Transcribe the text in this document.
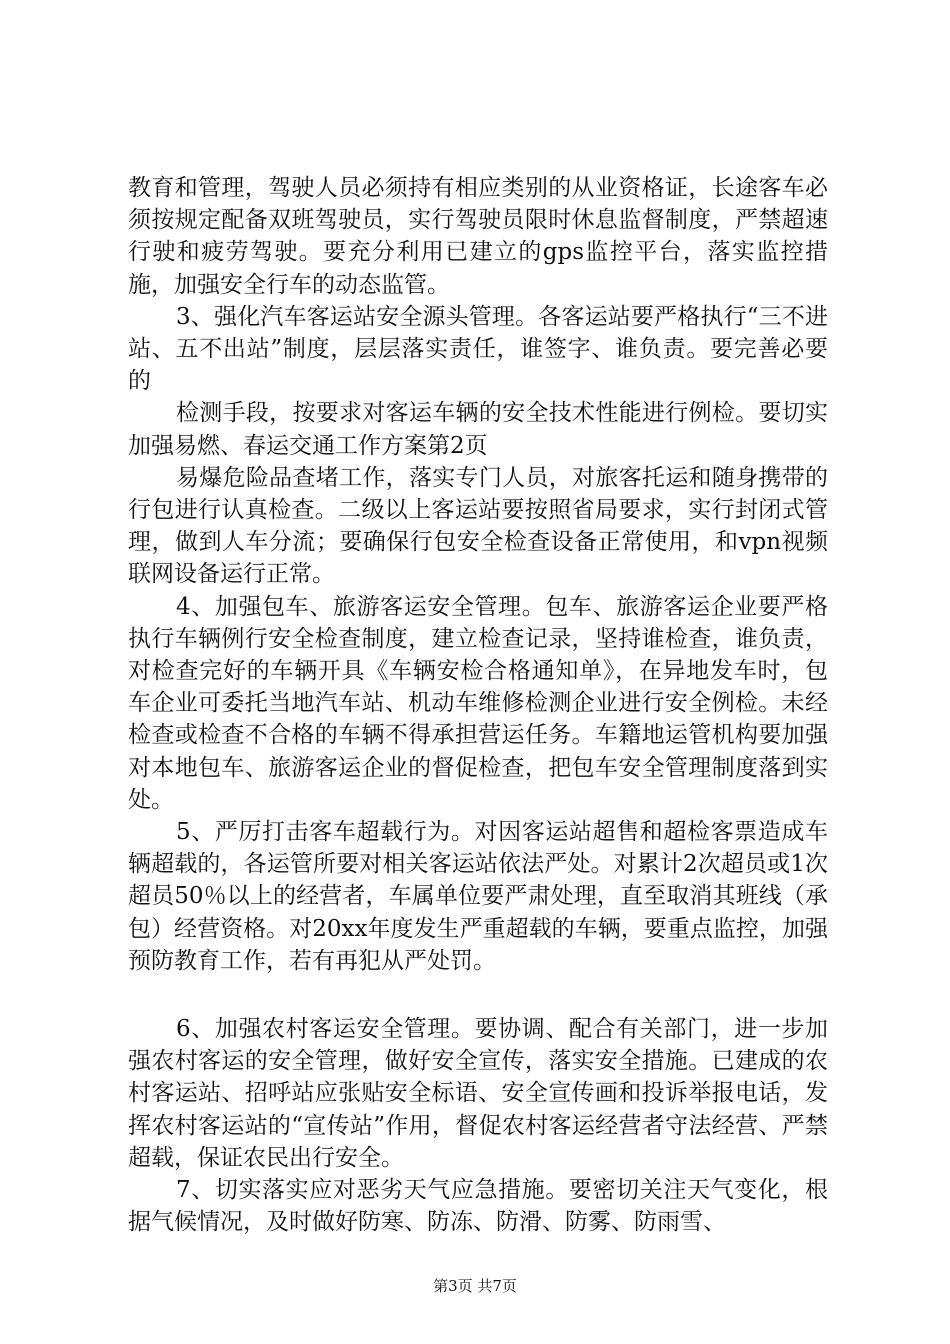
教育和管理，驾驶人员必须持有相应类别的从业资格证，长途客车必须按规定配备双班驾驶员，实行驾驶员限时休息监督制度，严禁超速行驶和疲劳驾驶。要充分利用已建立的gps监控平台，落实监控措施，加强安全行车的动态监管。

3、强化汽车客运站安全源头管理。各客运站要严格执行“三不进站、五不出站”制度，层层落实责任，谁签字、谁负责。要完善必要的

检测手段，按要求对客运车辆的安全技术性能进行例检。要切实加强易燃、春运交通工作方案第2页

易爆危险品查堵工作，落实专门人员，对旅客托运和随身携带的行包进行认真检查。二级以上客运站要按照省局要求，实行封闭式管理，做到人车分流；要确保行包安全检查设备正常使用，和vpn视频联网设备运行正常。

4、加强包车、旅游客运安全管理。包车、旅游客运企业要严格执行车辆例行安全检查制度，建立检查记录，坚持谁检查，谁负责，对检查完好的车辆开具《车辆安检合格通知单》，在异地发车时，包车企业可委托当地汽车站、机动车维修检测企业进行安全例检。未经检查或检查不合格的车辆不得承担营运任务。车籍地运管机构要加强对本地包车、旅游客运企业的督促检查，把包车安全管理制度落到实处。

5、严厉打击客车超载行为。对因客运站超售和超检客票造成车辆超载的，各运管所要对相关客运站依法严处。对累计2次超员或1次超员50％以上的经营者，车属单位要严肃处理，直至取消其班线（承包）经营资格。对20xx年度发生严重超载的车辆，要重点监控，加强预防教育工作，若有再犯从严处罚。

6、加强农村客运安全管理。要协调、配合有关部门，进一步加强农村客运的安全管理，做好安全宣传，落实安全措施。已建成的农村客运站、招呼站应张贴安全标语、安全宣传画和投诉举报电话，发挥农村客运站的“宣传站”作用，督促农村客运经营者守法经营、严禁超载，保证农民出行安全。

7、切实落实应对恶劣天气应急措施。要密切关注天气变化，根据气候情况，及时做好防寒、防冻、防滑、防雾、防雨雪、

第3页 共7页
